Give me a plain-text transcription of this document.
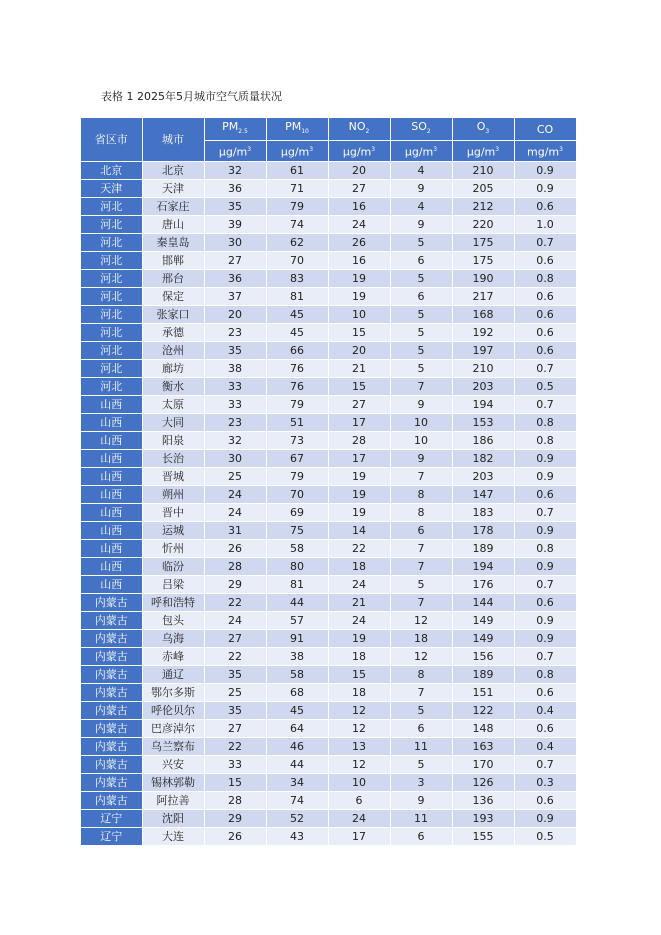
表格 1 2025年5月城市空气质量状况
省区市	城市	$PM_{2.5}$	$PM_{10}$	$NO_2$	$SO_2$	$O_3$	CO
		$\mu g/m^3$	$\mu g/m^3$	$\mu g/m^3$	$\mu g/m^3$	$\mu g/m^3$	$mg/m^3$
北京	北京	32	61	20	4	210	0.9
天津	天津	36	71	27	9	205	0.9
河北	石家庄	35	79	16	4	212	0.6
河北	唐山	39	74	24	9	220	1.0
河北	秦皇岛	30	62	26	5	175	0.7
河北	邯郸	27	70	16	6	175	0.6
河北	邢台	36	83	19	5	190	0.8
河北	保定	37	81	19	6	217	0.6
河北	张家口	20	45	10	5	168	0.6
河北	承德	23	45	15	5	192	0.6
河北	沧州	35	66	20	5	197	0.6
河北	廊坊	38	76	21	5	210	0.7
河北	衡水	33	76	15	7	203	0.5
山西	太原	33	79	27	9	194	0.7
山西	大同	23	51	17	10	153	0.8
山西	阳泉	32	73	28	10	186	0.8
山西	长治	30	67	17	9	182	0.9
山西	晋城	25	79	19	7	203	0.9
山西	朔州	24	70	19	8	147	0.6
山西	晋中	24	69	19	8	183	0.7
山西	运城	31	75	14	6	178	0.9
山西	忻州	26	58	22	7	189	0.8
山西	临汾	28	80	18	7	194	0.9
山西	吕梁	29	81	24	5	176	0.7
内蒙古	呼和浩特	22	44	21	7	144	0.6
内蒙古	包头	24	57	24	12	149	0.9
内蒙古	乌海	27	91	19	18	149	0.9
内蒙古	赤峰	22	38	18	12	156	0.7
内蒙古	通辽	35	58	15	8	189	0.8
内蒙古	鄂尔多斯	25	68	18	7	151	0.6
内蒙古	呼伦贝尔	35	45	12	5	122	0.4
内蒙古	巴彦淖尔	27	64	12	6	148	0.6
内蒙古	乌兰察布	22	46	13	11	163	0.4
内蒙古	兴安	33	44	12	5	170	0.7
内蒙古	锡林郭勒	15	34	10	3	126	0.3
内蒙古	阿拉善	28	74	6	9	136	0.6
辽宁	沈阳	29	52	24	11	193	0.9
辽宁	大连	26	43	17	6	155	0.5
